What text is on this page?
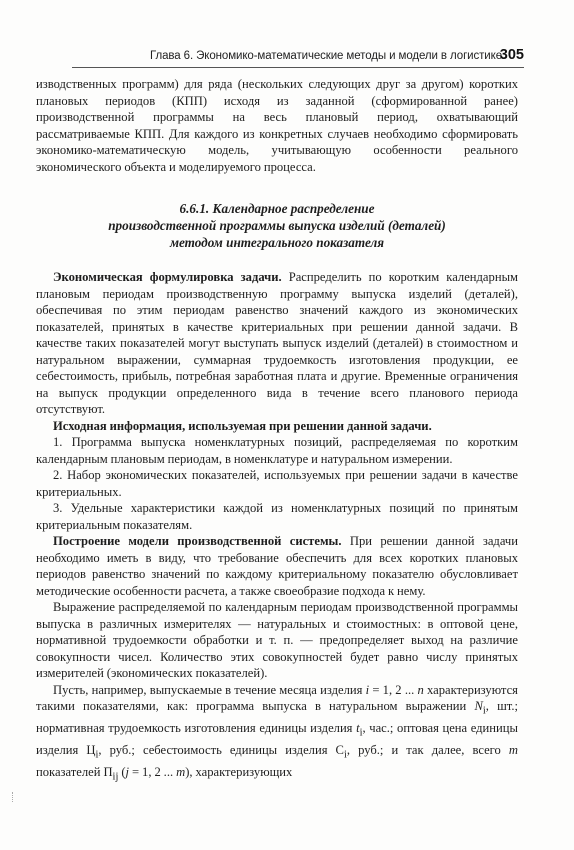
Глава 6. Экономико-математические методы и модели в логистике
305

изводственных программ) для ряда (нескольких следующих друг за другом) коротких плановых периодов (КПП) исходя из заданной (сформированной ранее) производственной программы на весь плановый период, охватывающий рассматриваемые КПП. Для каждого из конкретных случаев необходимо сформировать экономико-математическую модель, учитывающую особенности реального экономического объекта и моделируемого процесса.

6.6.1. Календарное распределение
производственной программы выпуска изделий (деталей)
методом интегрального показателя

Экономическая формулировка задачи. Распределить по коротким календарным плановым периодам производственную программу выпуска изделий (деталей), обеспечивая по этим периодам равенство значений каждого из экономических показателей, принятых в качестве критериальных при решении данной задачи. В качестве таких показателей могут выступать выпуск изделий (деталей) в стоимостном и натуральном выражении, суммарная трудоемкость изготовления продукции, ее себестоимость, прибыль, потребная заработная плата и другие. Временные ограничения на выпуск продукции определенного вида в течение всего планового периода отсутствуют.

Исходная информация, используемая при решении данной задачи.

1. Программа выпуска номенклатурных позиций, распределяемая по коротким календарным плановым периодам, в номенклатуре и натуральном измерении.

2. Набор экономических показателей, используемых при решении задачи в качестве критериальных.

3. Удельные характеристики каждой из номенклатурных позиций по принятым критериальным показателям.

Построение модели производственной системы. При решении данной задачи необходимо иметь в виду, что требование обеспечить для всех коротких плановых периодов равенство значений по каждому критериальному показателю обусловливает методические особенности расчета, а также своеобразие подхода к нему.

Выражение распределяемой по календарным периодам производственной программы выпуска в различных измерителях — натуральных и стоимостных: в оптовой цене, нормативной трудоемкости обработки и т. п. — предопределяет выход на различие совокупности чисел. Количество этих совокупностей будет равно числу принятых измерителей (экономических показателей).

Пусть, например, выпускаемые в течение месяца изделия i = 1, 2 ... n характеризуются такими показателями, как: программа выпуска в натуральном выражении $N_i$, шт.; нормативная трудоемкость изготовления единицы изделия $t_i$, час.; оптовая цена единицы изделия $Ц_i$, руб.; себестоимость единицы изделия $С_i$, руб.; и так далее, всего m показателей $П_{ij}$ (j = 1, 2 ... m), характеризующих
